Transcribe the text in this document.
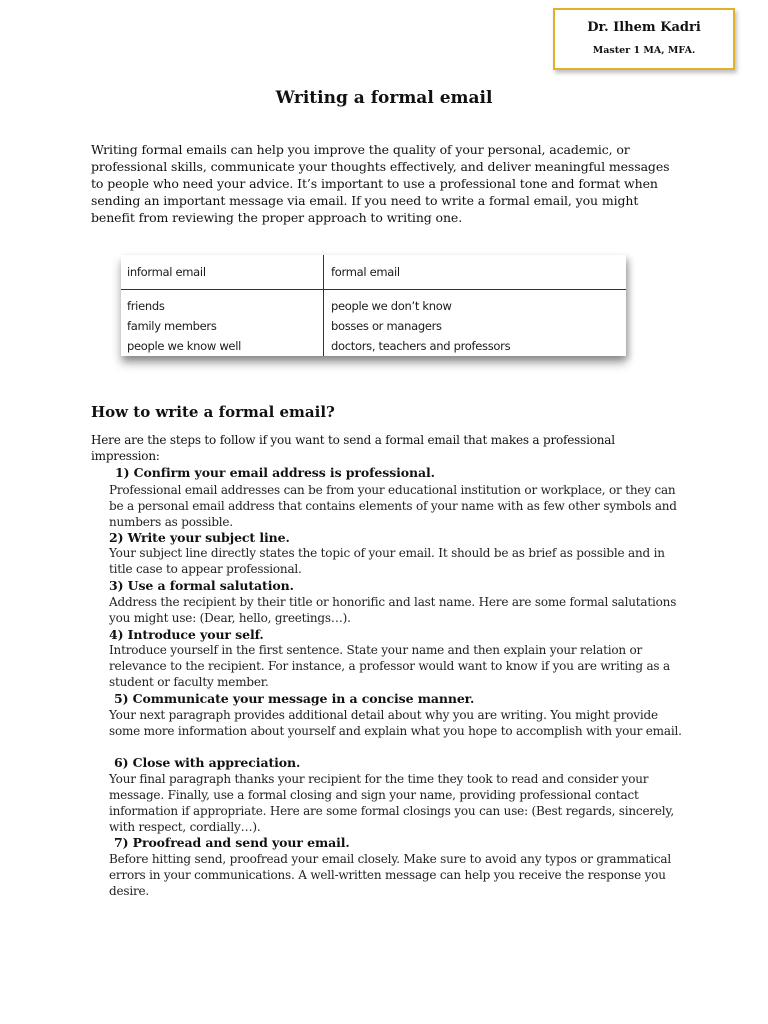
Dr. Ilhem Kadri
Master 1 MA, MFA.
Writing a formal email
Writing formal emails can help you improve the quality of your personal, academic, or professional skills, communicate your thoughts effectively, and deliver meaningful messages to people who need your advice. It’s important to use a professional tone and format when sending an important message via email. If you need to write a formal email, you might benefit from reviewing the proper approach to writing one.
informal email	formal email
friends
family members
people we know well
people we don’t know
bosses or managers
doctors, teachers and professors
How to write a formal email?
Here are the steps to follow if you want to send a formal email that makes a professional impression:
1) Confirm your email address is professional.
Professional email addresses can be from your educational institution or workplace, or they can be a personal email address that contains elements of your name with as few other symbols and numbers as possible.
2) Write your subject line.
Your subject line directly states the topic of your email. It should be as brief as possible and in title case to appear professional.
3) Use a formal salutation.
Address the recipient by their title or honorific and last name. Here are some formal salutations you might use: (Dear, hello, greetings…).
4) Introduce your self.
Introduce yourself in the first sentence. State your name and then explain your relation or relevance to the recipient. For instance, a professor would want to know if you are writing as a student or faculty member.
5) Communicate your message in a concise manner.
Your next paragraph provides additional detail about why you are writing. You might provide some more information about yourself and explain what you hope to accomplish with your email.
6) Close with appreciation.
Your final paragraph thanks your recipient for the time they took to read and consider your message. Finally, use a formal closing and sign your name, providing professional contact information if appropriate. Here are some formal closings you can use: (Best regards, sincerely, with respect, cordially…).
7) Proofread and send your email.
Before hitting send, proofread your email closely. Make sure to avoid any typos or grammatical errors in your communications. A well-written message can help you receive the response you desire.
